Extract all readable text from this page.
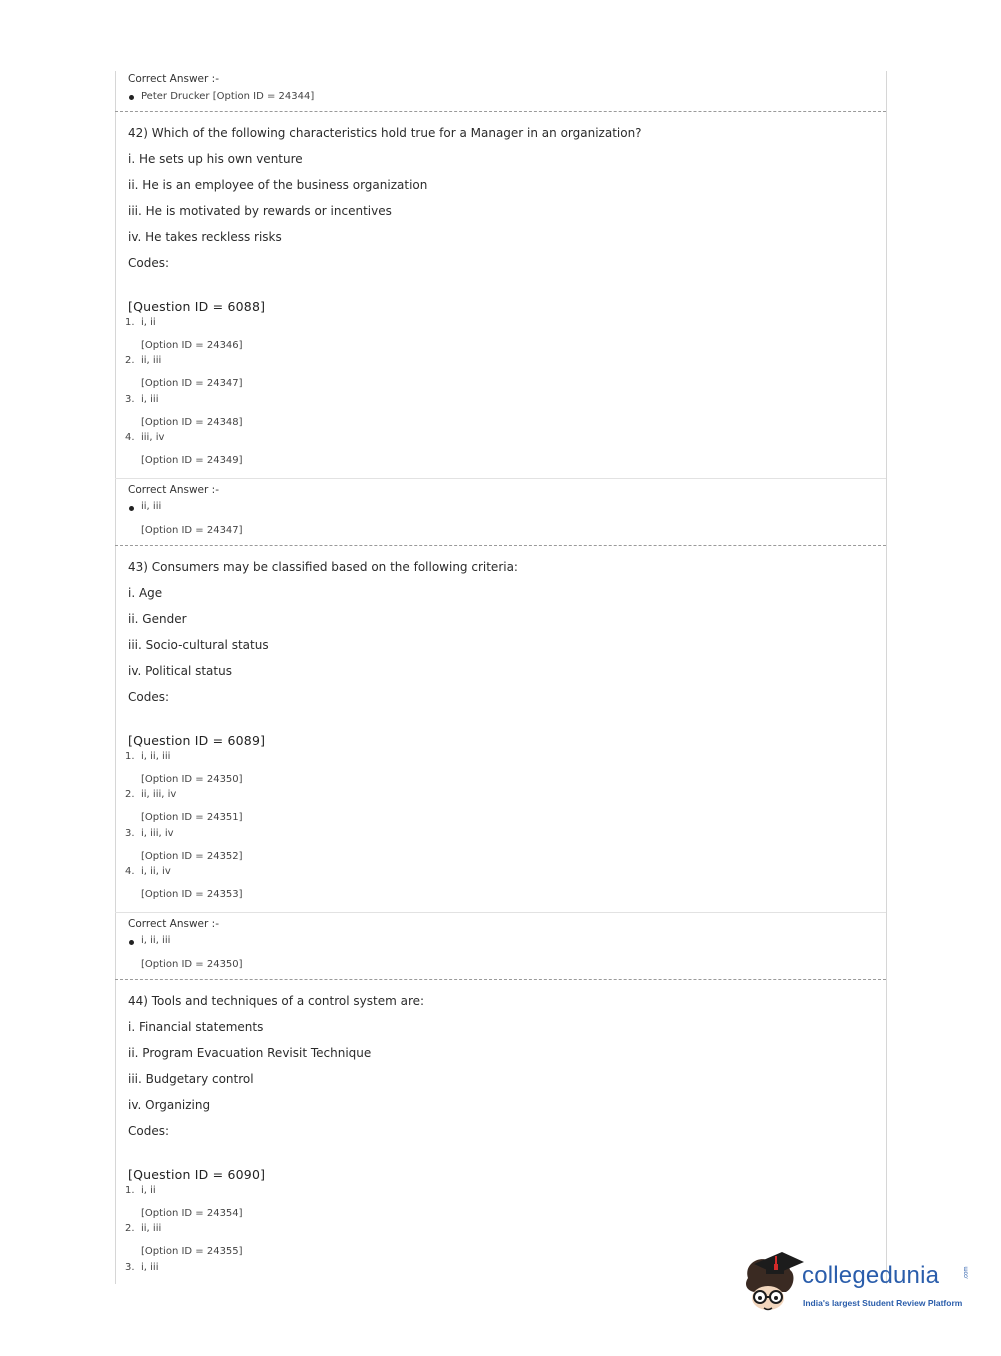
Correct Answer :-
Peter Drucker [Option ID = 24344]
42) Which of the following characteristics hold true for a Manager in an organization?
i. He sets up his own venture
ii. He is an employee of the business organization
iii. He is motivated by rewards or incentives
iv. He takes reckless risks
Codes:
[Question ID = 6088]
1. i, ii
[Option ID = 24346]
2. ii, iii
[Option ID = 24347]
3. i, iii
[Option ID = 24348]
4. iii, iv
[Option ID = 24349]
Correct Answer :-
ii, iii
[Option ID = 24347]
43) Consumers may be classified based on the following criteria:
i. Age
ii. Gender
iii. Socio-cultural status
iv. Political status
Codes:
[Question ID = 6089]
1. i, ii, iii
[Option ID = 24350]
2. ii, iii, iv
[Option ID = 24351]
3. i, iii, iv
[Option ID = 24352]
4. i, ii, iv
[Option ID = 24353]
Correct Answer :-
i, ii, iii
[Option ID = 24350]
44) Tools and techniques of a control system are:
i. Financial statements
ii. Program Evacuation Revisit Technique
iii. Budgetary control
iv. Organizing
Codes:
[Question ID = 6090]
1. i, ii
[Option ID = 24354]
2. ii, iii
[Option ID = 24355]
3. i, iii	collegedunia	.com
India's largest Student Review Platform
